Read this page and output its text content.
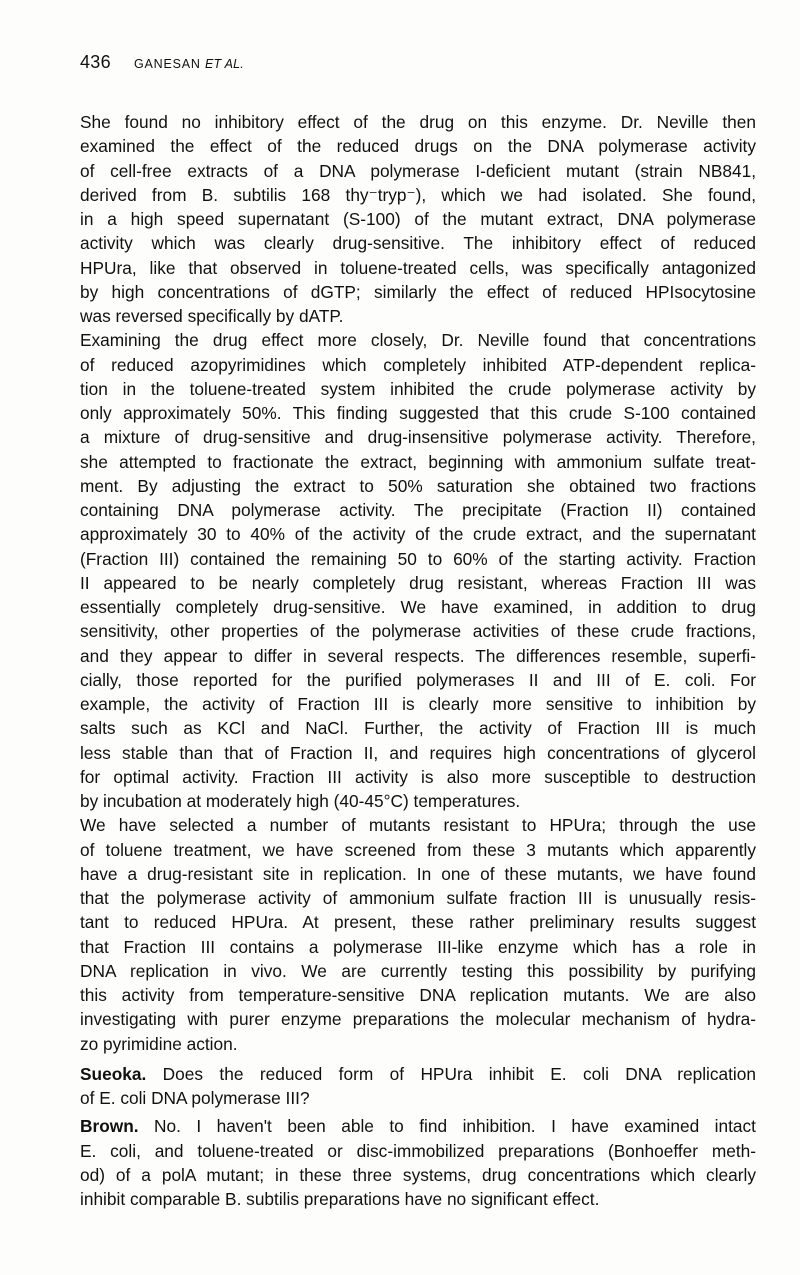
436 GANESAN ET AL.
She found no inhibitory effect of the drug on this enzyme. Dr. Neville then
examined the effect of the reduced drugs on the DNA polymerase activity
of cell-free extracts of a DNA polymerase I-deficient mutant (strain NB841,
derived from B. subtilis 168 thy⁻tryp⁻), which we had isolated. She found,
in a high speed supernatant (S-100) of the mutant extract, DNA polymerase
activity which was clearly drug-sensitive. The inhibitory effect of reduced
HPUra, like that observed in toluene-treated cells, was specifically antagonized
by high concentrations of dGTP; similarly the effect of reduced HPIsocytosine
was reversed specifically by dATP.
Examining the drug effect more closely, Dr. Neville found that concentrations
of reduced azopyrimidines which completely inhibited ATP-dependent replica-
tion in the toluene-treated system inhibited the crude polymerase activity by
only approximately 50%. This finding suggested that this crude S-100 contained
a mixture of drug-sensitive and drug-insensitive polymerase activity. Therefore,
she attempted to fractionate the extract, beginning with ammonium sulfate treat-
ment. By adjusting the extract to 50% saturation she obtained two fractions
containing DNA polymerase activity. The precipitate (Fraction II) contained
approximately 30 to 40% of the activity of the crude extract, and the supernatant
(Fraction III) contained the remaining 50 to 60% of the starting activity. Fraction
II appeared to be nearly completely drug resistant, whereas Fraction III was
essentially completely drug-sensitive. We have examined, in addition to drug
sensitivity, other properties of the polymerase activities of these crude fractions,
and they appear to differ in several respects. The differences resemble, superfi-
cially, those reported for the purified polymerases II and III of E. coli. For
example, the activity of Fraction III is clearly more sensitive to inhibition by
salts such as KCl and NaCl. Further, the activity of Fraction III is much
less stable than that of Fraction II, and requires high concentrations of glycerol
for optimal activity. Fraction III activity is also more susceptible to destruction
by incubation at moderately high (40-45°C) temperatures.
We have selected a number of mutants resistant to HPUra; through the use
of toluene treatment, we have screened from these 3 mutants which apparently
have a drug-resistant site in replication. In one of these mutants, we have found
that the polymerase activity of ammonium sulfate fraction III is unusually resis-
tant to reduced HPUra. At present, these rather preliminary results suggest
that Fraction III contains a polymerase III-like enzyme which has a role in
DNA replication in vivo. We are currently testing this possibility by purifying
this activity from temperature-sensitive DNA replication mutants. We are also
investigating with purer enzyme preparations the molecular mechanism of hydra-
zo pyrimidine action.
Sueoka. Does the reduced form of HPUra inhibit E. coli DNA replication
of E. coli DNA polymerase III?
Brown. No. I haven't been able to find inhibition. I have examined intact
E. coli, and toluene-treated or disc-immobilized preparations (Bonhoeffer meth-
od) of a polA mutant; in these three systems, drug concentrations which clearly
inhibit comparable B. subtilis preparations have no significant effect.
